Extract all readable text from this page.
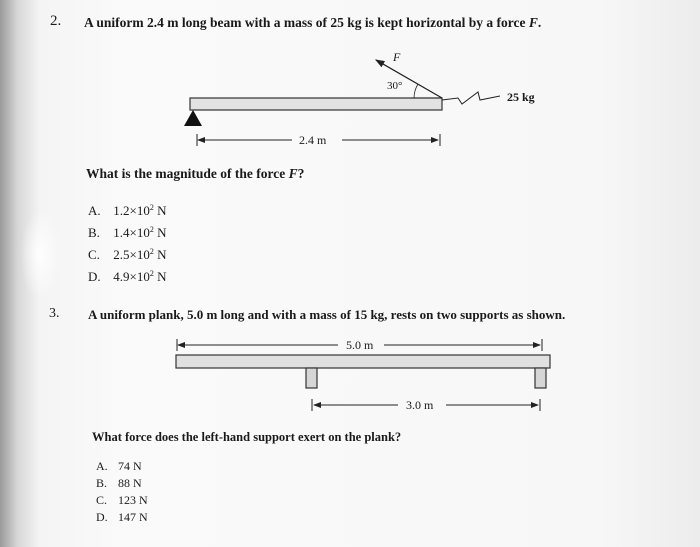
2. A uniform 2.4 m long beam with a mass of 25 kg is kept horizontal by a force F.
F
30°
25 kg
2.4 m
What is the magnitude of the force F?
A. $1.2\times 10^2$ N
B. $1.4\times 10^2$ N
C. $2.5\times 10^2$ N
D. $4.9\times 10^2$ N
3. A uniform plank, 5.0 m long and with a mass of 15 kg, rests on two supports as shown.
5.0 m
3.0 m
What force does the left-hand support exert on the plank?
A. 74 N
B. 88 N
C. 123 N
D. 147 N
